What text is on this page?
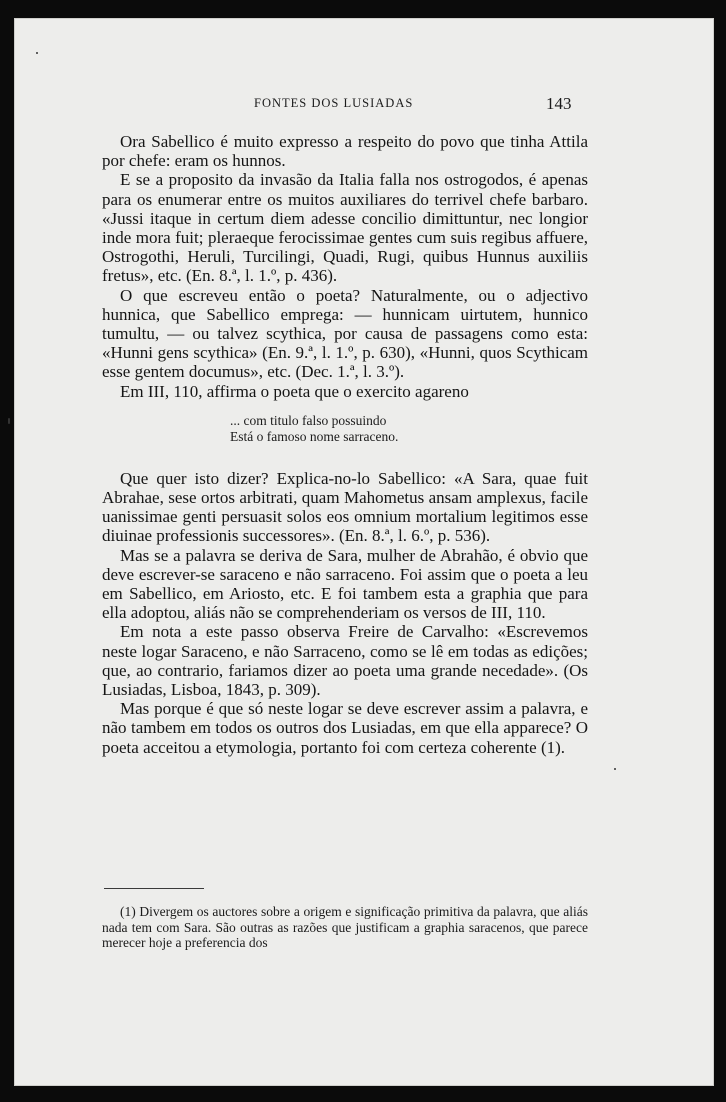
FONTES DOS LUSIADAS	143

Ora Sabellico é muito expresso a respeito do povo que tinha Attila por chefe: eram os hunnos.

E se a proposito da invasão da Italia falla nos ostrogodos, é apenas para os enumerar entre os muitos auxiliares do terrivel chefe barbaro. «Jussi itaque in certum diem adesse concilio dimittuntur, nec longior inde mora fuit; pleraeque ferocissimae gentes cum suis regibus affuere, Ostrogothi, Heruli, Turcilingi, Quadi, Rugi, quibus Hunnus auxiliis fretus», etc. (En. 8.ª, l. 1.º, p. 436).

O que escreveu então o poeta? Naturalmente, ou o adjectivo hunnica, que Sabellico emprega: — hunnicam uirtutem, hunnico tumultu, — ou talvez scythica, por causa de passagens como esta: «Hunni gens scythica» (En. 9.ª, l. 1.º, p. 630), «Hunni, quos Scythicam esse gentem documus», etc. (Dec. 1.ª, l. 3.º).

Em III, 110, affirma o poeta que o exercito agareno

... com titulo falso possuindo
Está o famoso nome sarraceno.

Que quer isto dizer? Explica-no-lo Sabellico: «A Sara, quae fuit Abrahae, sese ortos arbitrati, quam Mahometus ansam amplexus, facile uanissimae genti persuasit solos eos omnium mortalium legitimos esse diuinae professionis successores». (En. 8.ª, l. 6.º, p. 536).

Mas se a palavra se deriva de Sara, mulher de Abrahão, é obvio que deve escrever-se saraceno e não sarraceno. Foi assim que o poeta a leu em Sabellico, em Ariosto, etc. E foi tambem esta a graphia que para ella adoptou, aliás não se comprehenderiam os versos de III, 110.

Em nota a este passo observa Freire de Carvalho: «Escrevemos neste logar Saraceno, e não Sarraceno, como se lê em todas as edições; que, ao contrario, fariamos dizer ao poeta uma grande necedade». (Os Lusiadas, Lisboa, 1843, p. 309).

Mas porque é que só neste logar se deve escrever assim a palavra, e não tambem em todos os outros dos Lusiadas, em que ella apparece? O poeta acceitou a etymologia, portanto foi com certeza coherente (1).

(1) Divergem os auctores sobre a origem e significação primitiva da palavra, que aliás nada tem com Sara. São outras as razões que justificam a graphia saracenos, que parece merecer hoje a preferencia dos
